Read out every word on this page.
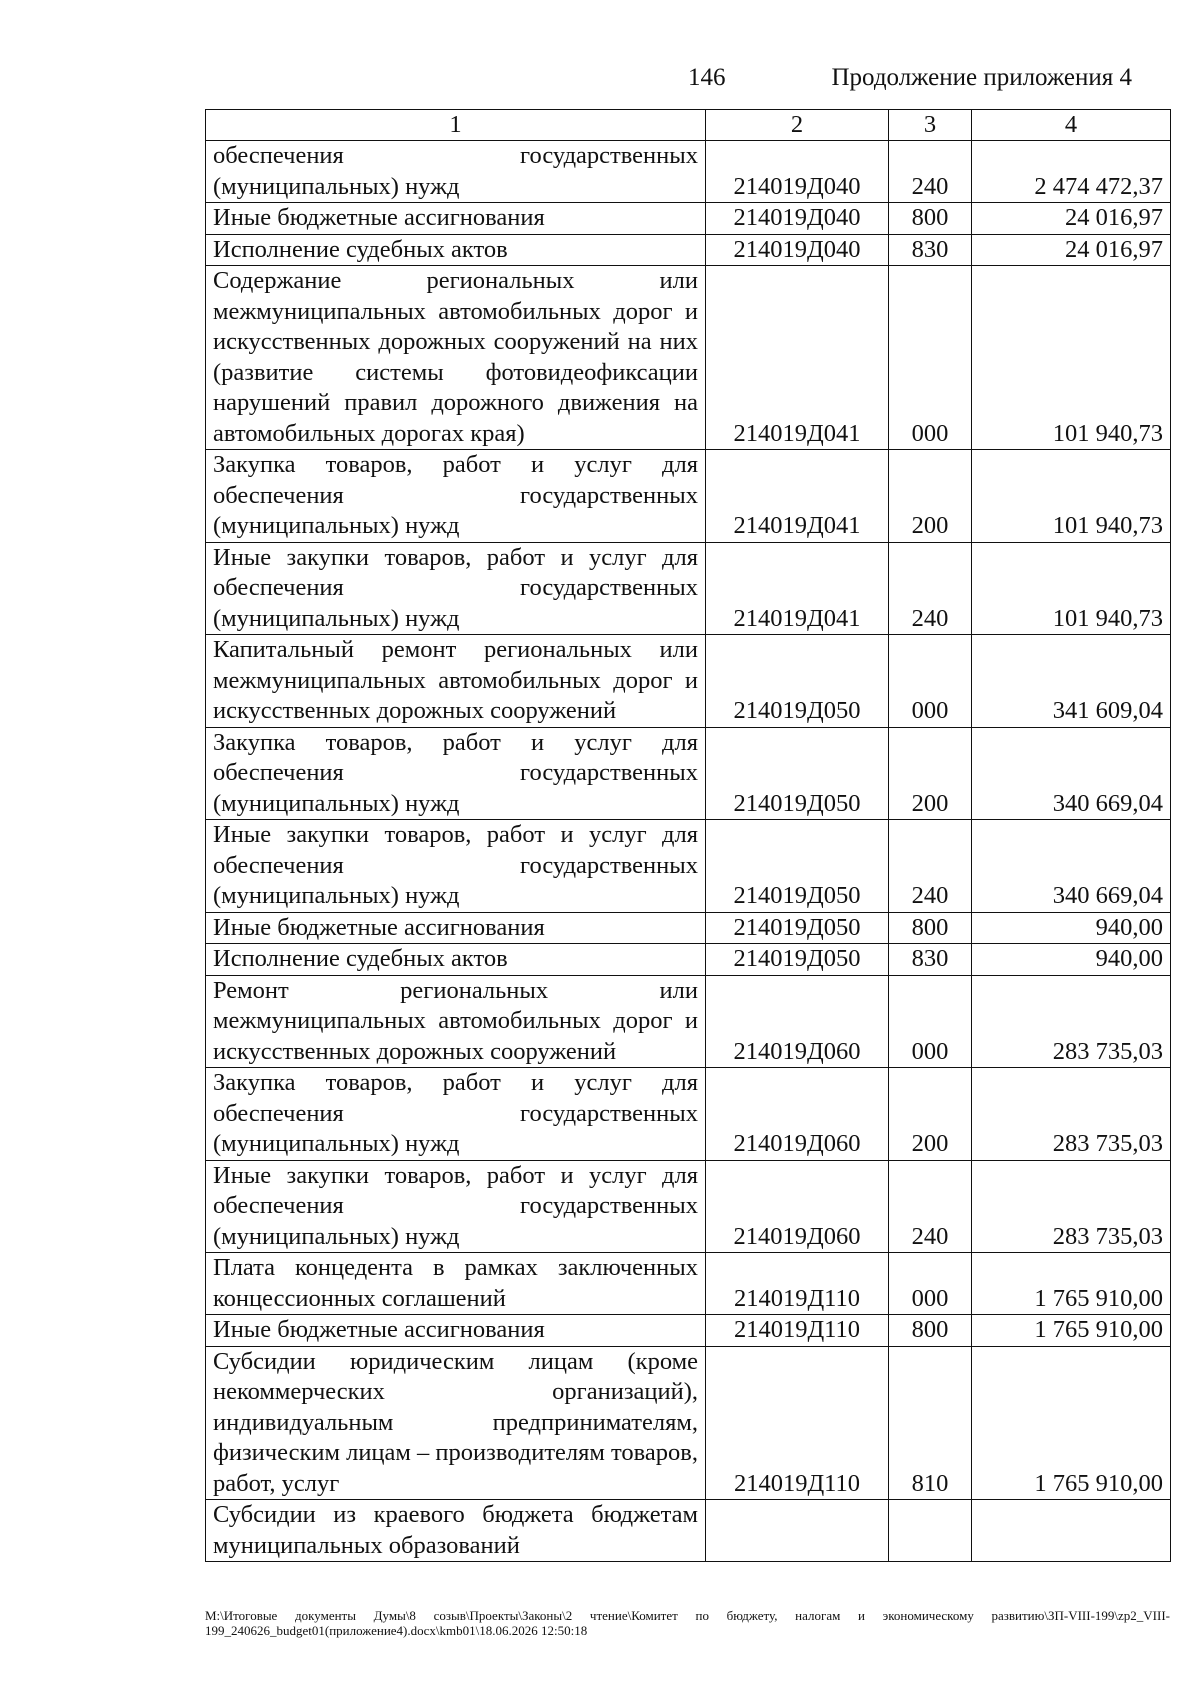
146	Продолжение приложения 4
1	2	3	4
обеспечения государственных (муниципальных) нужд	214019Д040	240	2 474 472,37
Иные бюджетные ассигнования	214019Д040	800	24 016,97
Исполнение судебных актов	214019Д040	830	24 016,97
Содержание региональных или межмуниципальных автомобильных дорог и искусственных дорожных сооружений на них (развитие системы фотовидеофиксации нарушений правил дорожного движения на автомобильных дорогах края)	214019Д041	000	101 940,73
Закупка товаров, работ и услуг для обеспечения государственных (муниципальных) нужд	214019Д041	200	101 940,73
Иные закупки товаров, работ и услуг для обеспечения государственных (муниципальных) нужд	214019Д041	240	101 940,73
Капитальный ремонт региональных или межмуниципальных автомобильных дорог и искусственных дорожных сооружений	214019Д050	000	341 609,04
Закупка товаров, работ и услуг для обеспечения государственных (муниципальных) нужд	214019Д050	200	340 669,04
Иные закупки товаров, работ и услуг для обеспечения государственных (муниципальных) нужд	214019Д050	240	340 669,04
Иные бюджетные ассигнования	214019Д050	800	940,00
Исполнение судебных актов	214019Д050	830	940,00
Ремонт региональных или межмуниципальных автомобильных дорог и искусственных дорожных сооружений	214019Д060	000	283 735,03
Закупка товаров, работ и услуг для обеспечения государственных (муниципальных) нужд	214019Д060	200	283 735,03
Иные закупки товаров, работ и услуг для обеспечения государственных (муниципальных) нужд	214019Д060	240	283 735,03
Плата концедента в рамках заключенных концессионных соглашений	214019Д110	000	1 765 910,00
Иные бюджетные ассигнования	214019Д110	800	1 765 910,00
Субсидии юридическим лицам (кроме некоммерческих организаций), индивидуальным предпринимателям, физическим лицам – производителям товаров, работ, услуг	214019Д110	810	1 765 910,00
Субсидии из краевого бюджета бюджетам муниципальных образований			
M:\Итоговые документы Думы\8 созыв\Проекты\Законы\2 чтение\Комитет по бюджету, налогам и экономическому развитию\ЗП-VIII-199\zp2_VIII-199_240626_budget01(приложение4).docx\kmb01\18.06.2026 12:50:18
